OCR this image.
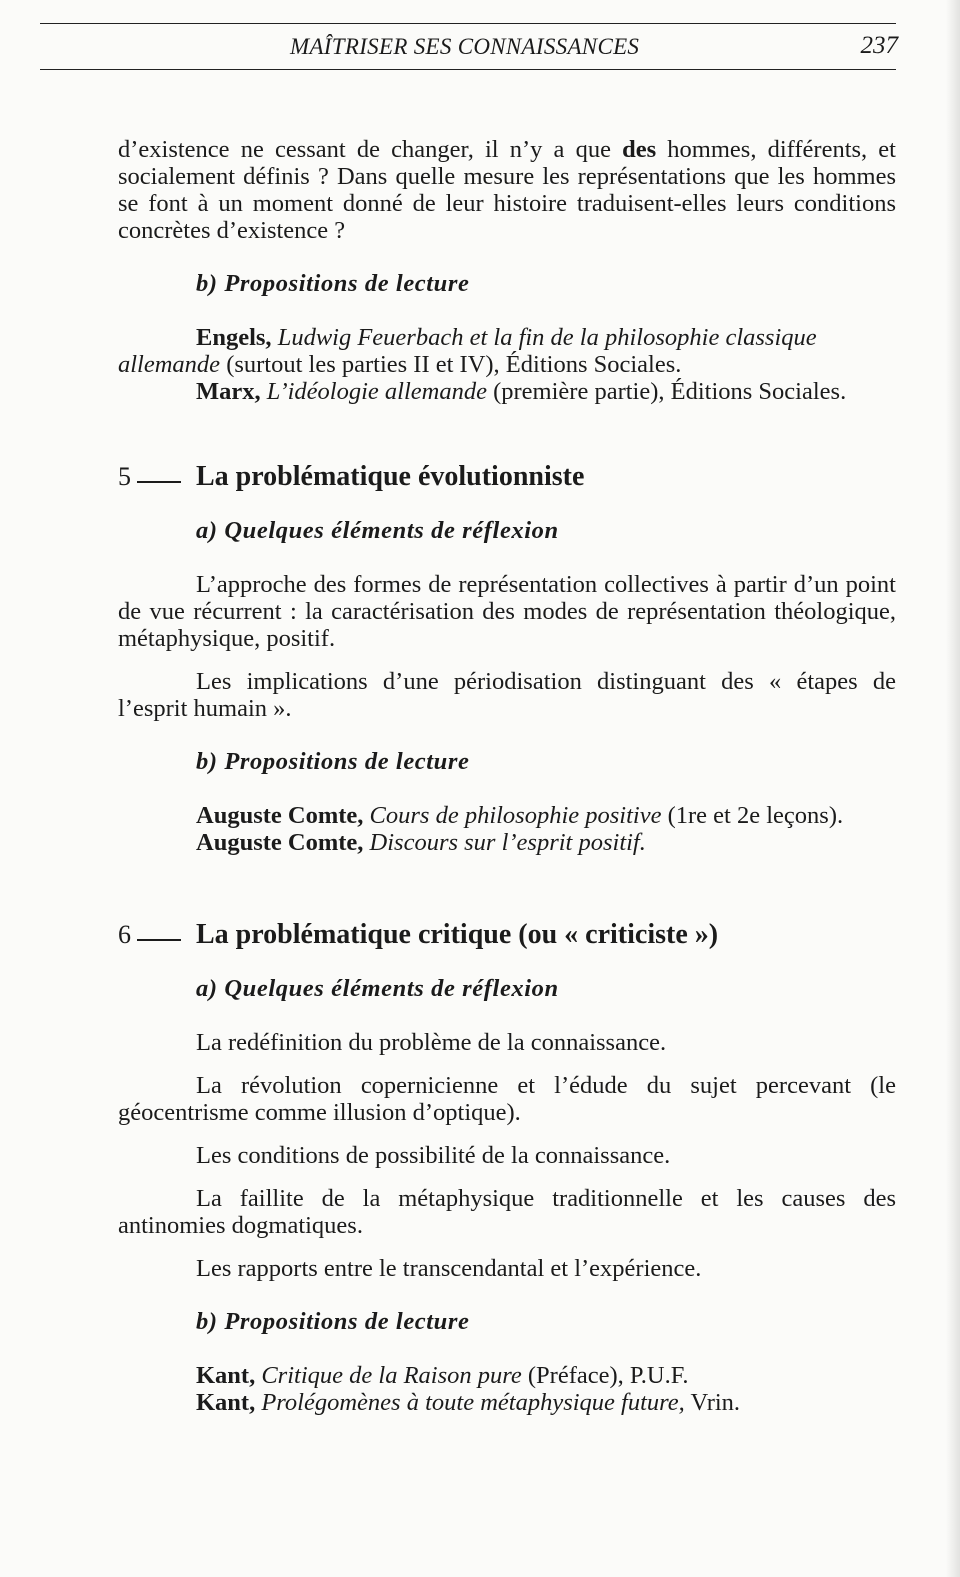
MAÎTRISER SES CONNAISSANCES	237

d’existence ne cessant de changer, il n’y a que des hommes, différents, et socialement définis ? Dans quelle mesure les représentations que les hommes se font à un moment donné de leur histoire traduisent-elles leurs conditions concrètes d’existence ?

b) Propositions de lecture

Engels, Ludwig Feuerbach et la fin de la philosophie classique allemande (surtout les parties II et IV), Éditions Sociales.

Marx, L’idéologie allemande (première partie), Éditions Sociales.

5	La problématique évolutionniste
a) Quelques éléments de réflexion

L’approche des formes de représentation collectives à partir d’un point de vue récurrent : la caractérisation des modes de représentation théologique, métaphysique, positif.

Les implications d’une périodisation distinguant des « étapes de l’esprit humain ».

b) Propositions de lecture

Auguste Comte, Cours de philosophie positive (1re et 2e leçons).

Auguste Comte, Discours sur l’esprit positif.

6	La problématique critique (ou « criticiste »)
a) Quelques éléments de réflexion

La redéfinition du problème de la connaissance.

La révolution copernicienne et l’édude du sujet percevant (le géocentrisme comme illusion d’optique).

Les conditions de possibilité de la connaissance.

La faillite de la métaphysique traditionnelle et les causes des antinomies dogmatiques.

Les rapports entre le transcendantal et l’expérience.

b) Propositions de lecture

Kant, Critique de la Raison pure (Préface), P.U.F.

Kant, Prolégomènes à toute métaphysique future, Vrin.
